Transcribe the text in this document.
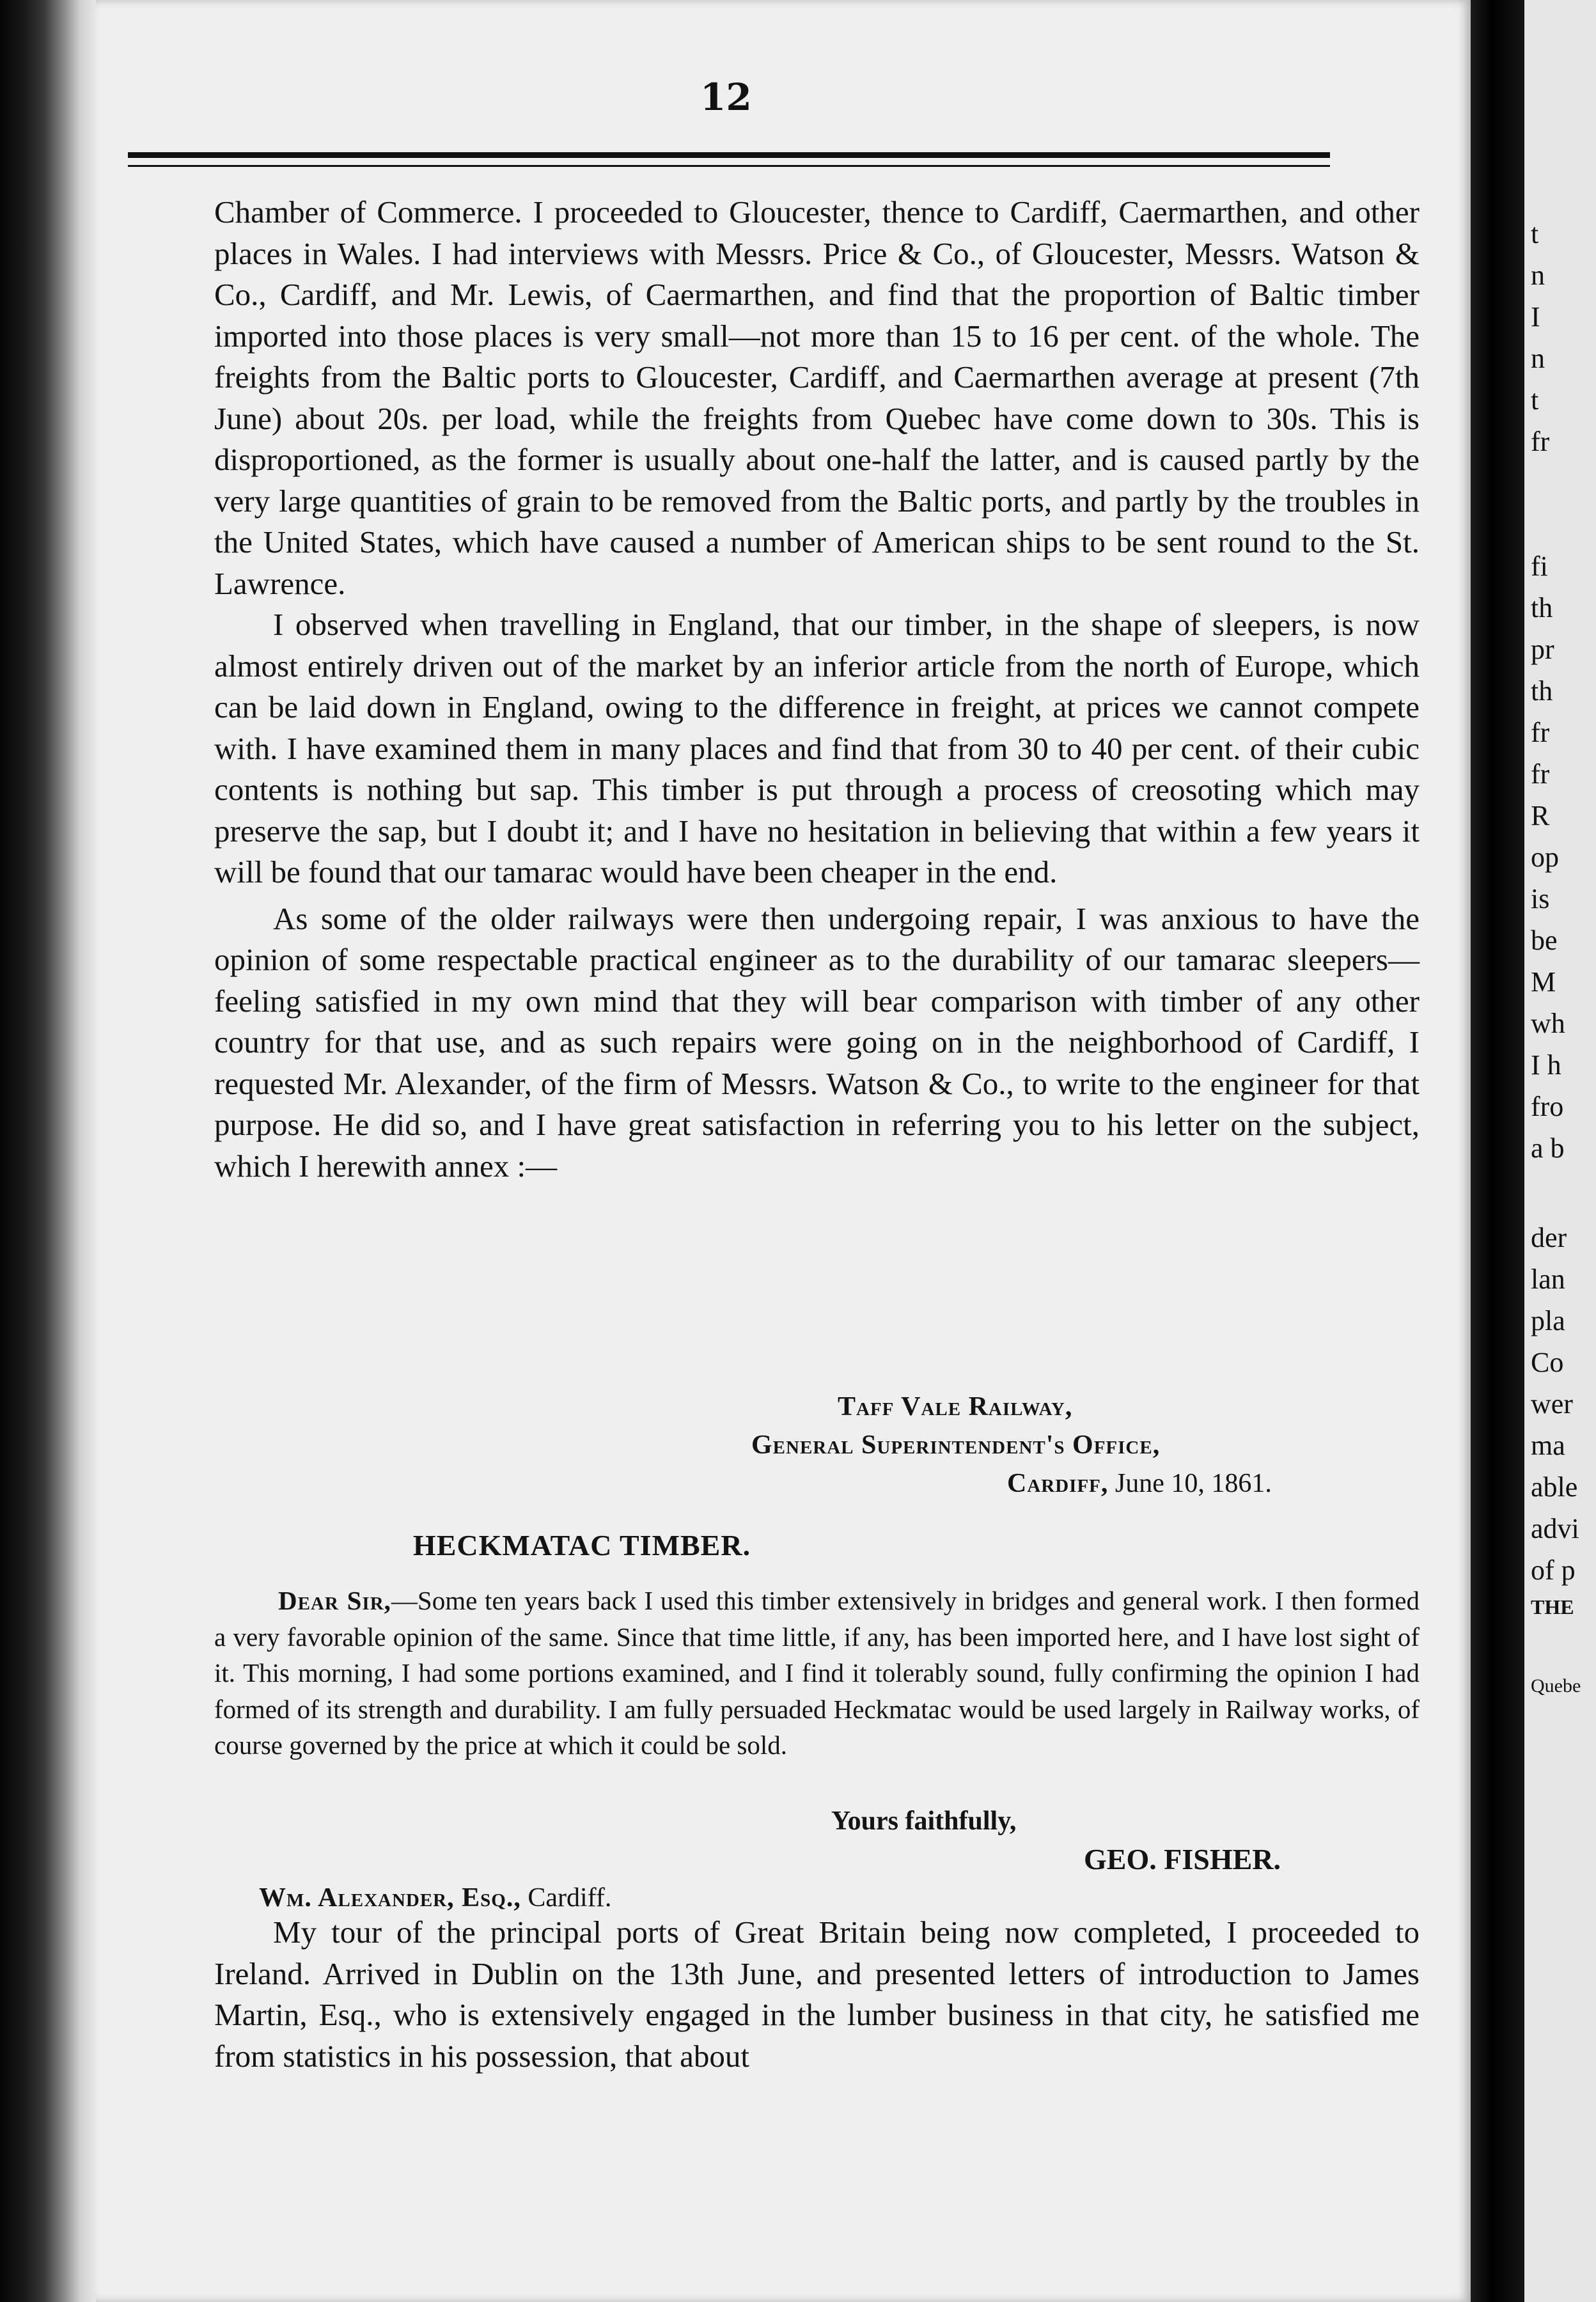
12

Chamber of Commerce. I proceeded to Gloucester, thence to Cardiff, Caermarthen, and other places in Wales. I had interviews with Messrs. Price & Co., of Gloucester, Messrs. Watson & Co., Cardiff, and Mr. Lewis, of Caermarthen, and find that the proportion of Baltic timber imported into those places is very small—not more than 15 to 16 per cent. of the whole. The freights from the Baltic ports to Gloucester, Cardiff, and Caermarthen average at present (7th June) about 20s. per load, while the freights from Quebec have come down to 30s. This is disproportioned, as the former is usually about one-half the latter, and is caused partly by the very large quantities of grain to be removed from the Baltic ports, and partly by the troubles in the United States, which have caused a number of American ships to be sent round to the St. Lawrence.

I observed when travelling in England, that our timber, in the shape of sleepers, is now almost entirely driven out of the market by an inferior article from the north of Europe, which can be laid down in England, owing to the difference in freight, at prices we cannot compete with. I have examined them in many places and find that from 30 to 40 per cent. of their cubic contents is nothing but sap. This timber is put through a process of creosoting which may preserve the sap, but I doubt it; and I have no hesitation in believing that within a few years it will be found that our tamarac would have been cheaper in the end.

As some of the older railways were then undergoing repair, I was anxious to have the opinion of some respectable practical engineer as to the durability of our tamarac sleepers—feeling satisfied in my own mind that they will bear comparison with timber of any other country for that use, and as such repairs were going on in the neighborhood of Cardiff, I requested Mr. Alexander, of the firm of Messrs. Watson & Co., to write to the engineer for that purpose. He did so, and I have great satisfaction in referring you to his letter on the subject, which I herewith annex :—

Taff Vale Railway,
General Superintendent's Office,
Cardiff, June 10, 1861.
HECKMATAC TIMBER.

Dear Sir,—Some ten years back I used this timber extensively in bridges and general work. I then formed a very favorable opinion of the same. Since that time little, if any, has been imported here, and I have lost sight of it. This morning, I had some portions examined, and I find it tolerably sound, fully confirming the opinion I had formed of its strength and durability. I am fully persuaded Heckmatac would be used largely in Railway works, of course governed by the price at which it could be sold.

Yours faithfully,
GEO. FISHER.
Wm. Alexander, Esq., Cardiff.

My tour of the principal ports of Great Britain being now completed, I proceeded to Ireland. Arrived in Dublin on the 13th June, and presented letters of introduction to James Martin, Esq., who is extensively engaged in the lumber business in that city, he satisfied me from statistics in his possession, that about

t
n
I
n
t
fr
fi
th
pr
th
fr
fr
R
op
is
be
M
wh
I h
fro
a b
der
lan
pla
Co
wer
ma
able
advi
of p
THE
Quebe
